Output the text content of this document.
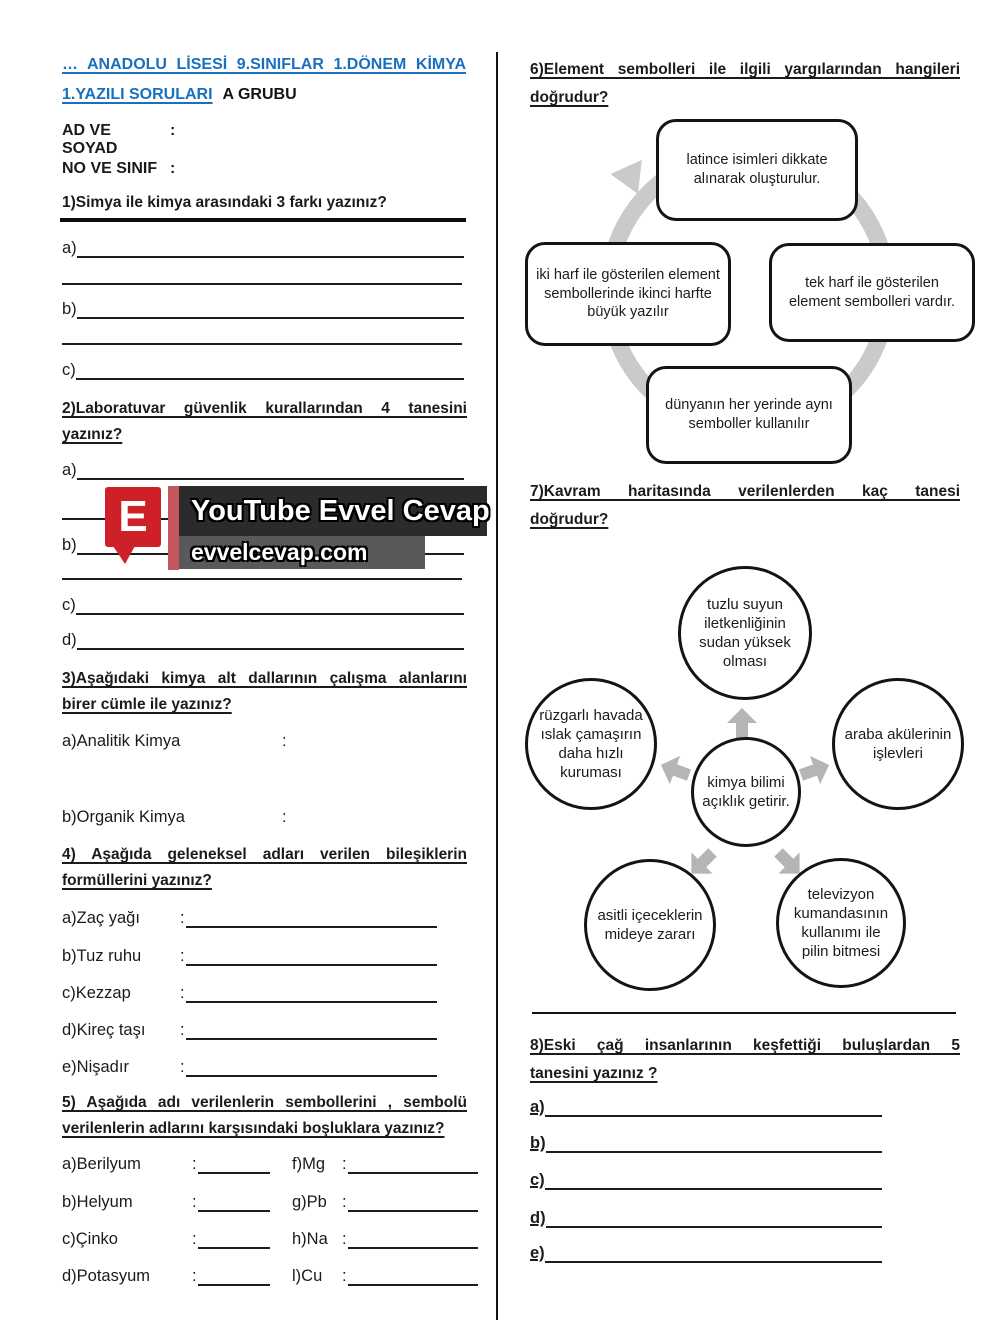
… ANADOLU LİSESİ 9.SINIFLAR 1.DÖNEM KİMYA
1.YAZILI SORULARI A GRUBU
AD VE SOYAD
:
NO VE SINIF :
1)Simya ile kimya arasındaki 3 farkı yazınız?
a)
b)
c)
2)Laboratuvar güvenlik kurallarından 4 tanesini
yazınız?
a)
b)
c)
d)
E	YouTube Evvel Cevap
evvelcevap.com
3)Aşağıdaki kimya alt dallarının çalışma alanlarını
birer cümle ile yazınız?
a)Analitik Kimya	:
b)Organik Kimya	:
4) Aşağıda geleneksel adları verilen bileşiklerin
formüllerini yazınız?
a)Zaç yağı	:
b)Tuz ruhu	:
c)Kezzap	:
d)Kireç taşı	:
e)Nişadır	:
5) Aşağıda adı verilenlerin sembollerini , sembolü
verilenlerin adlarını karşısındaki boşluklara yazınız?
a)Berilyum	:	f)Mg	:
b)Helyum	:	g)Pb :
c)Çinko	:	h)Na :
d)Potasyum	:	l)Cu	:
6)Element sembolleri ile ilgili yargılarından hangileri
doğrudur?
latince isimleri dikkate alınarak oluşturulur.
iki harf ile gösterilen element sembollerinde ikinci harfte büyük yazılır
tek harf ile gösterilen element sembolleri vardır.
dünyanın her yerinde aynı semboller kullanılır
7)Kavram haritasında verilenlerden kaç tanesi
doğrudur?
tuzlu suyun iletkenliğinin sudan yüksek olması
rüzgarlı havada ıslak çamaşırın daha hızlı kuruması
kimya bilimi açıklık getirir.
araba akülerinin işlevleri
asitli içeceklerin mideye zararı
televizyon kumandasının kullanımı ile pilin bitmesi
8)Eski çağ insanlarının keşfettiği buluşlardan 5
tanesini yazınız ?
a)
b)
c)
d)
e)
